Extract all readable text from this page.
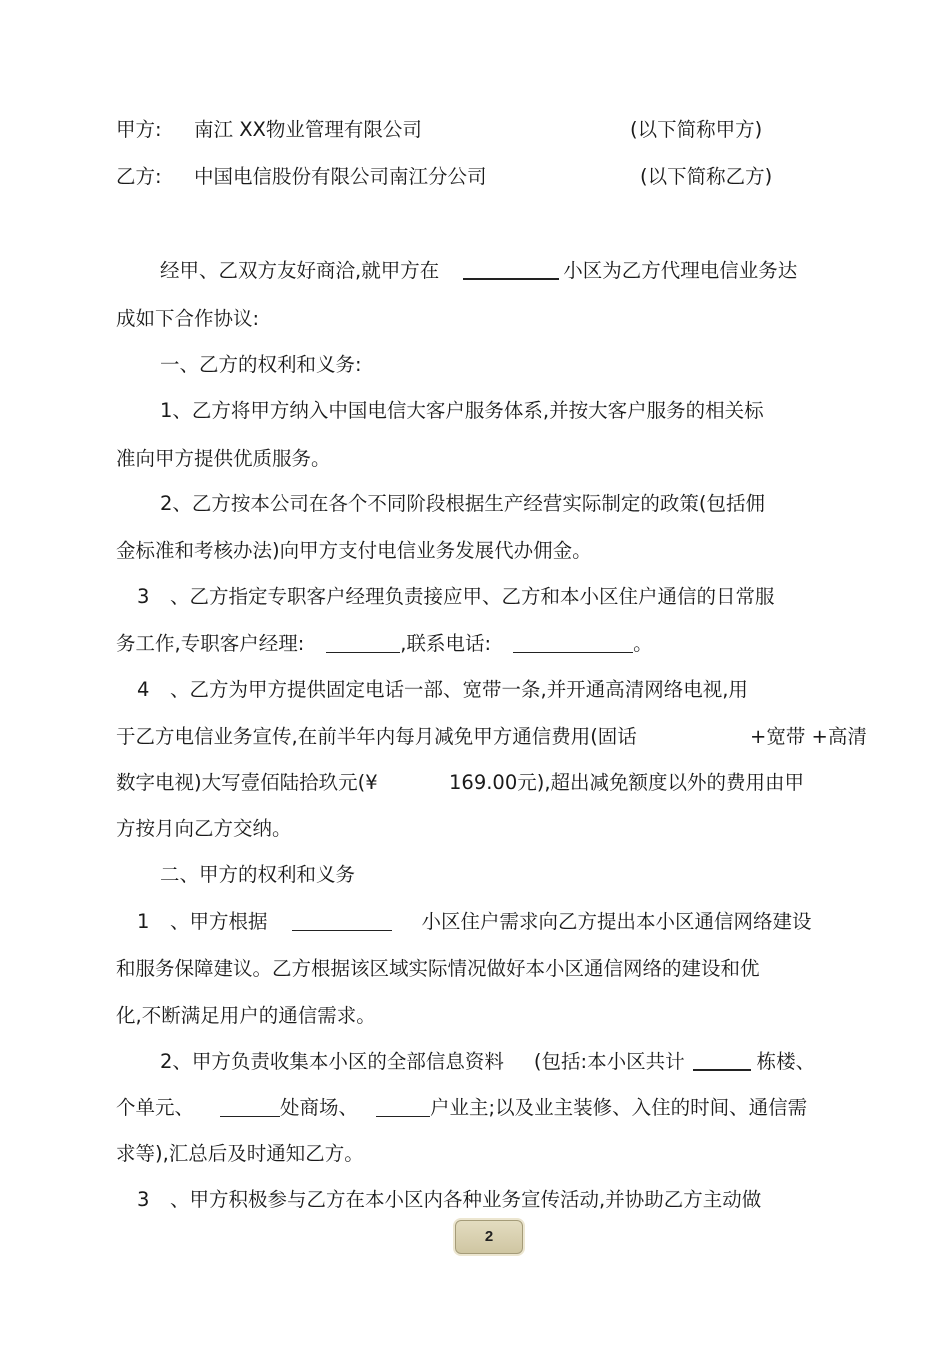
甲方: 南江 XX物业管理有限公司	(以下简称甲方)
乙方: 中国电信股份有限公司南江分公司	(以下简称乙方)
经甲、乙双方友好商洽,就甲方在	小区为乙方代理电信业务达
成如下合作协议:
一、乙方的权利和义务:
1、乙方将甲方纳入中国电信大客户服务体系,并按大客户服务的相关标
准向甲方提供优质服务。
2、乙方按本公司在各个不同阶段根据生产经营实际制定的政策(包括佣
金标准和考核办法)向甲方支付电信业务发展代办佣金。
3 、乙方指定专职客户经理负责接应甲、乙方和本小区住户通信的日常服
务工作,专职客户经理:	,联系电话:	。
4 、乙方为甲方提供固定电话一部、宽带一条,并开通高清网络电视,用
于乙方电信业务宣传,在前半年内每月减免甲方通信费用(固话	+宽带 +高清
数字电视)大写壹佰陆拾玖元(¥	169.00元),超出减免额度以外的费用由甲
方按月向乙方交纳。
二、甲方的权利和义务
1 、甲方根据	小区住户需求向乙方提出本小区通信网络建设
和服务保障建议。乙方根据该区域实际情况做好本小区通信网络的建设和优
化,不断满足用户的通信需求。
2、甲方负责收集本小区的全部信息资料 (包括:本小区共计	栋楼、
个单元、	处商场、	户业主;以及业主装修、入住的时间、通信需
求等),汇总后及时通知乙方。
3 、甲方积极参与乙方在本小区内各种业务宣传活动,并协助乙方主动做
2
